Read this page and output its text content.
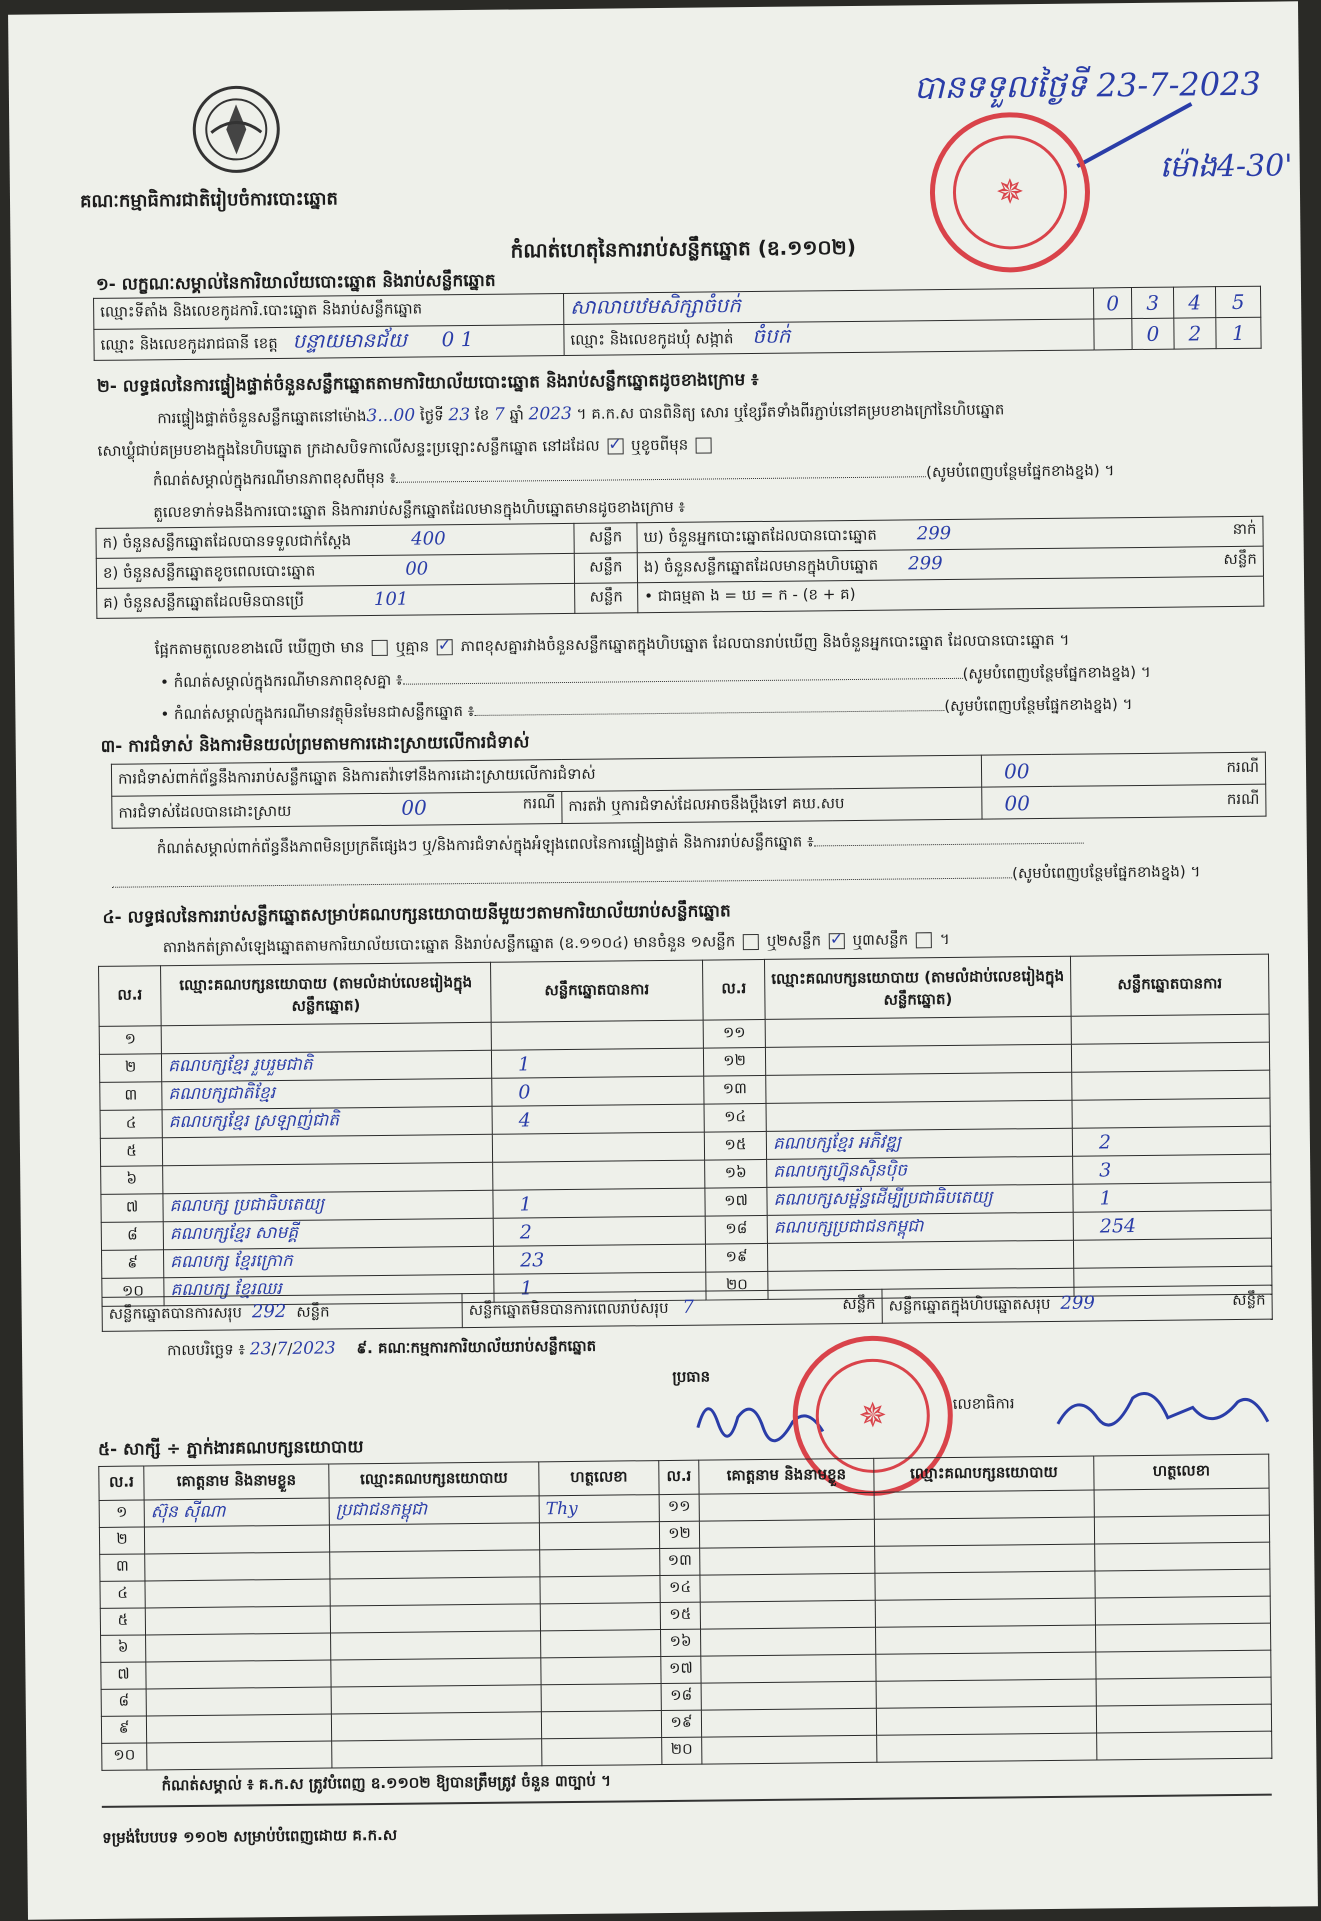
គណៈកម្មាធិការជាតិរៀបចំការបោះឆ្នោត
បានទទួលថ្ងៃទី 23-7-2023
ម៉ោង4-30'
✵
កំណត់ហេតុនៃការរាប់សន្លឹកឆ្នោត (ឧ.១១០២)
១- លក្ខណៈសម្គាល់នៃការិយាល័យបោះឆ្នោត និងរាប់សន្លឹកឆ្នោត
ឈ្មោះទីតាំង និងលេខកូដការិ.បោះឆ្នោត និងរាប់សន្លឹកឆ្នោត	សាលាបឋមសិក្សាចំបក់	0	3	4	5
ឈ្មោះ និងលេខកូដរាជធានី ខេត្ត បន្ទាយមានជ័យ 0 1	ឈ្មោះ និងលេខកូដឃុំ សង្កាត់ ចំបក់		0	2	1
២- លទ្ធផលនៃការផ្ទៀងផ្ទាត់ចំនួនសន្លឹកឆ្នោតតាមការិយាល័យបោះឆ្នោត និងរាប់សន្លឹកឆ្នោតដូចខាងក្រោម ៖
ការផ្ទៀងផ្ទាត់ចំនួនសន្លឹកឆ្នោតនៅម៉ោង3...00 ថ្ងៃទី 23 ខែ 7 ឆ្នាំ 2023 ។ គ.ក.ស បានពិនិត្យ សោរ ឬខ្សែរឹតទាំងពីរភ្ជាប់នៅគម្របខាងក្រៅនៃហិបឆ្នោត
សោឃ្លុំជាប់គម្របខាងក្នុងនៃហិបឆ្នោត ក្រដាសបិទកាលើសន្ទះប្រឡោះសន្លឹកឆ្នោត នៅដដែល ✓ ឬខូចពីមុន
កំណត់សម្គាល់ក្នុងករណីមានភាពខុសពីមុន ៖	(សូមបំពេញបន្ថែមផ្នែកខាងខ្នង) ។
តួលេខទាក់ទងនឹងការបោះឆ្នោត និងការរាប់សន្លឹកឆ្នោតដែលមានក្នុងហិបឆ្នោតមានដូចខាងក្រោម ៖
ក) ចំនួនសន្លឹកឆ្នោតដែលបានទទួលជាក់ស្តែង 400	សន្លឹក	ឃ) ចំនួនអ្នកបោះឆ្នោតដែលបានបោះឆ្នោត 299 នាក់

ខ) ចំនួនសន្លឹកឆ្នោតខូចពេលបោះឆ្នោត 00	សន្លឹក	ង) ចំនួនសន្លឹកឆ្នោតដែលមានក្នុងហិបឆ្នោត 299 សន្លឹក

គ) ចំនួនសន្លឹកឆ្នោតដែលមិនបានប្រើ 101	សន្លឹក	• ជាធម្មតា ង = ឃ = ក - (ខ + គ)
ផ្អែកតាមតួលេខខាងលើ ឃើញថា មាន ឬគ្មាន ✓ ភាពខុសគ្នារវាងចំនួនសន្លឹកឆ្នោតក្នុងហិបឆ្នោត ដែលបានរាប់ឃើញ និងចំនួនអ្នកបោះឆ្នោត ដែលបានបោះឆ្នោត ។
• កំណត់សម្គាល់ក្នុងករណីមានភាពខុសគ្នា ៖	(សូមបំពេញបន្ថែមផ្នែកខាងខ្នង) ។
• កំណត់សម្គាល់ក្នុងករណីមានវត្ថុមិនមែនជាសន្លឹកឆ្នោត ៖	(សូមបំពេញបន្ថែមផ្នែកខាងខ្នង) ។
៣- ការជំទាស់ និងការមិនយល់ព្រមតាមការដោះស្រាយលើការជំទាស់
ការជំទាស់ពាក់ព័ន្ធនឹងការរាប់សន្លឹកឆ្នោត និងការតវ៉ាទៅនឹងការដោះស្រាយលើការជំទាស់		00	ករណី
ការជំទាស់ដែលបានដោះស្រាយ 00 ករណី	ការតវ៉ា ឬការជំទាស់ដែលអាចនឹងប្តឹងទៅ គឃ.សប	00	ករណី
កំណត់សម្គាល់ពាក់ព័ន្ធនឹងភាពមិនប្រក្រតីផ្សេងៗ ឬ/និងការជំទាស់ក្នុងអំឡុងពេលនៃការផ្ទៀងផ្ទាត់ និងការរាប់សន្លឹកឆ្នោត ៖
(សូមបំពេញបន្ថែមផ្នែកខាងខ្នង) ។
៤- លទ្ធផលនៃការរាប់សន្លឹកឆ្នោតសម្រាប់គណបក្សនយោបាយនីមួយៗតាមការិយាល័យរាប់សន្លឹកឆ្នោត
តារាងកត់ត្រាសំឡេងឆ្នោតតាមការិយាល័យបោះឆ្នោត និងរាប់សន្លឹកឆ្នោត (ឧ.១១០៤) មានចំនួន ១សន្លឹក ឬ២សន្លឹក ✓ ឬ៣សន្លឹក ។
ល.រ	ឈ្មោះគណបក្សនយោបាយ (តាមលំដាប់លេខរៀងក្នុងសន្លឹកឆ្នោត)	សន្លឹកឆ្នោតបានការ	ល.រ	ឈ្មោះគណបក្សនយោបាយ (តាមលំដាប់លេខរៀងក្នុងសន្លឹកឆ្នោត)	សន្លឹកឆ្នោតបានការ
១			១១		
២	គណបក្សខ្មែរ រួបរួមជាតិ	1	១២		
៣	គណបក្សជាតិខ្មែរ	0	១៣		
៤	គណបក្សខ្មែរ ស្រឡាញ់ជាតិ	4	១៤		
៥			១៥	គណបក្សខ្មែរ អភិវឌ្ឍ	2
៦			១៦	គណបក្សហ្វ៊ុនស៊ិនប៉ិច	3
៧	គណបក្ស ប្រជាធិបតេយ្យ	1	១៧	គណបក្សសម្ព័ន្ធដើម្បីប្រជាធិបតេយ្យ	1
៨	គណបក្សខ្មែរ សាមគ្គី	2	១៨	គណបក្សប្រជាជនកម្ពុជា	254
៩	គណបក្ស ខ្មែរក្រោក	23	១៩		
១០	គណបក្ស ខ្មែរឈរ	1	២០		
សន្លឹកឆ្នោតបានការសរុប 292 សន្លឹក	សន្លឹកឆ្នោតមិនបានការពេលរាប់សរុប 7	សន្លឹក	សន្លឹកឆ្នោតក្នុងហិបឆ្នោតសរុប 299	សន្លឹក
កាលបរិច្ឆេទ ៖ 23/7/2023 ៩. គណៈកម្មការការិយាល័យរាប់សន្លឹកឆ្នោត
ប្រធាន
លេខាធិការ
✵
៥- សាក្សី ÷ ភ្នាក់ងារគណបក្សនយោបាយ
ល.រ	គោត្តនាម និងនាមខ្លួន	ឈ្មោះគណបក្សនយោបាយ	ហត្ថលេខា	ល.រ	គោត្តនាម និងនាមខ្លួន	ឈ្មោះគណបក្សនយោបាយ	ហត្ថលេខា
១	ស៊ុន ស៊ីណា	ប្រជាជនកម្ពុជា	Thy	១១			
២				១២			
៣				១៣			
៤				១៤			
៥				១៥			
៦				១៦			
៧				១៧			
៨				១៨			
៩				១៩			
១០				២០			
កំណត់សម្គាល់ ៖ គ.ក.ស ត្រូវបំពេញ ឧ.១១០២ ឱ្យបានត្រឹមត្រូវ ចំនួន ៣ច្បាប់ ។
ទម្រង់បែបបទ ១១០២ សម្រាប់បំពេញដោយ គ.ក.ស
